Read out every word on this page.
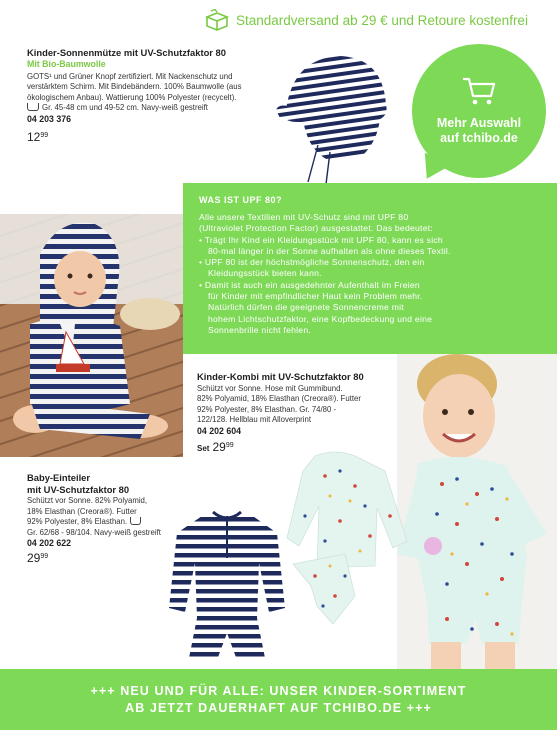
Standardversand ab 29 € und Retoure kostenfrei
Kinder-Sonnenmütze mit UV-Schutzfaktor 80
Mit Bio-Baumwolle
GOTS¹ und Grüner Knopf zertifiziert. Mit Nackenschutz und
verstärktem Schirm. Mit Bindebändern. 100% Baumwolle (aus
ökologischem Anbau). Wattierung 100% Polyester (recycelt).
Gr. 45-48 cm und 49-52 cm. Navy-weiß gestreift
04 203 376
$12^{99}$
Mehr Auswahl
auf tchibo.de
WAS IST UPF 80?

Alle unsere Textilien mit UV-Schutz sind mit UPF 80
(Ultraviolet Protection Factor) ausgestattet. Das bedeutet:

• Trägt Ihr Kind ein Kleidungsstück mit UPF 80, kann es sich
80-mal länger in der Sonne aufhalten als ohne dieses Textil.
• UPF 80 ist der höchstmögliche Sonnenschutz, den ein
Kleidungsstück bieten kann.
• Damit ist auch ein ausgedehnter Aufenthalt im Freien
für Kinder mit empfindlicher Haut kein Problem mehr.
Natürlich dürfen die geeignete Sonnencreme mit
hohem Lichtschutzfaktor, eine Kopfbedeckung und eine
Sonnenbrille nicht fehlen.
Kinder-Kombi mit UV-Schutzfaktor 80
Schützt vor Sonne. Hose mit Gummibund.
82% Polyamid, 18% Elasthan (Creora®). Futter
92% Polyester, 8% Elasthan. Gr. 74/80 -
122/128. Hellblau mit Alloverprint
04 202 604
Set $29^{99}$
Baby-Einteiler
mit UV-Schutzfaktor 80
Schützt vor Sonne. 82% Polyamid,
18% Elasthan (Creora®). Futter
92% Polyester, 8% Elasthan.
Gr. 62/68 - 98/104. Navy-weiß gestreift
04 202 622
$29^{99}$
+++ NEU UND FÜR ALLE: UNSER KINDER-SORTIMENT
AB JETZT DAUERHAFT AUF TCHIBO.DE +++
